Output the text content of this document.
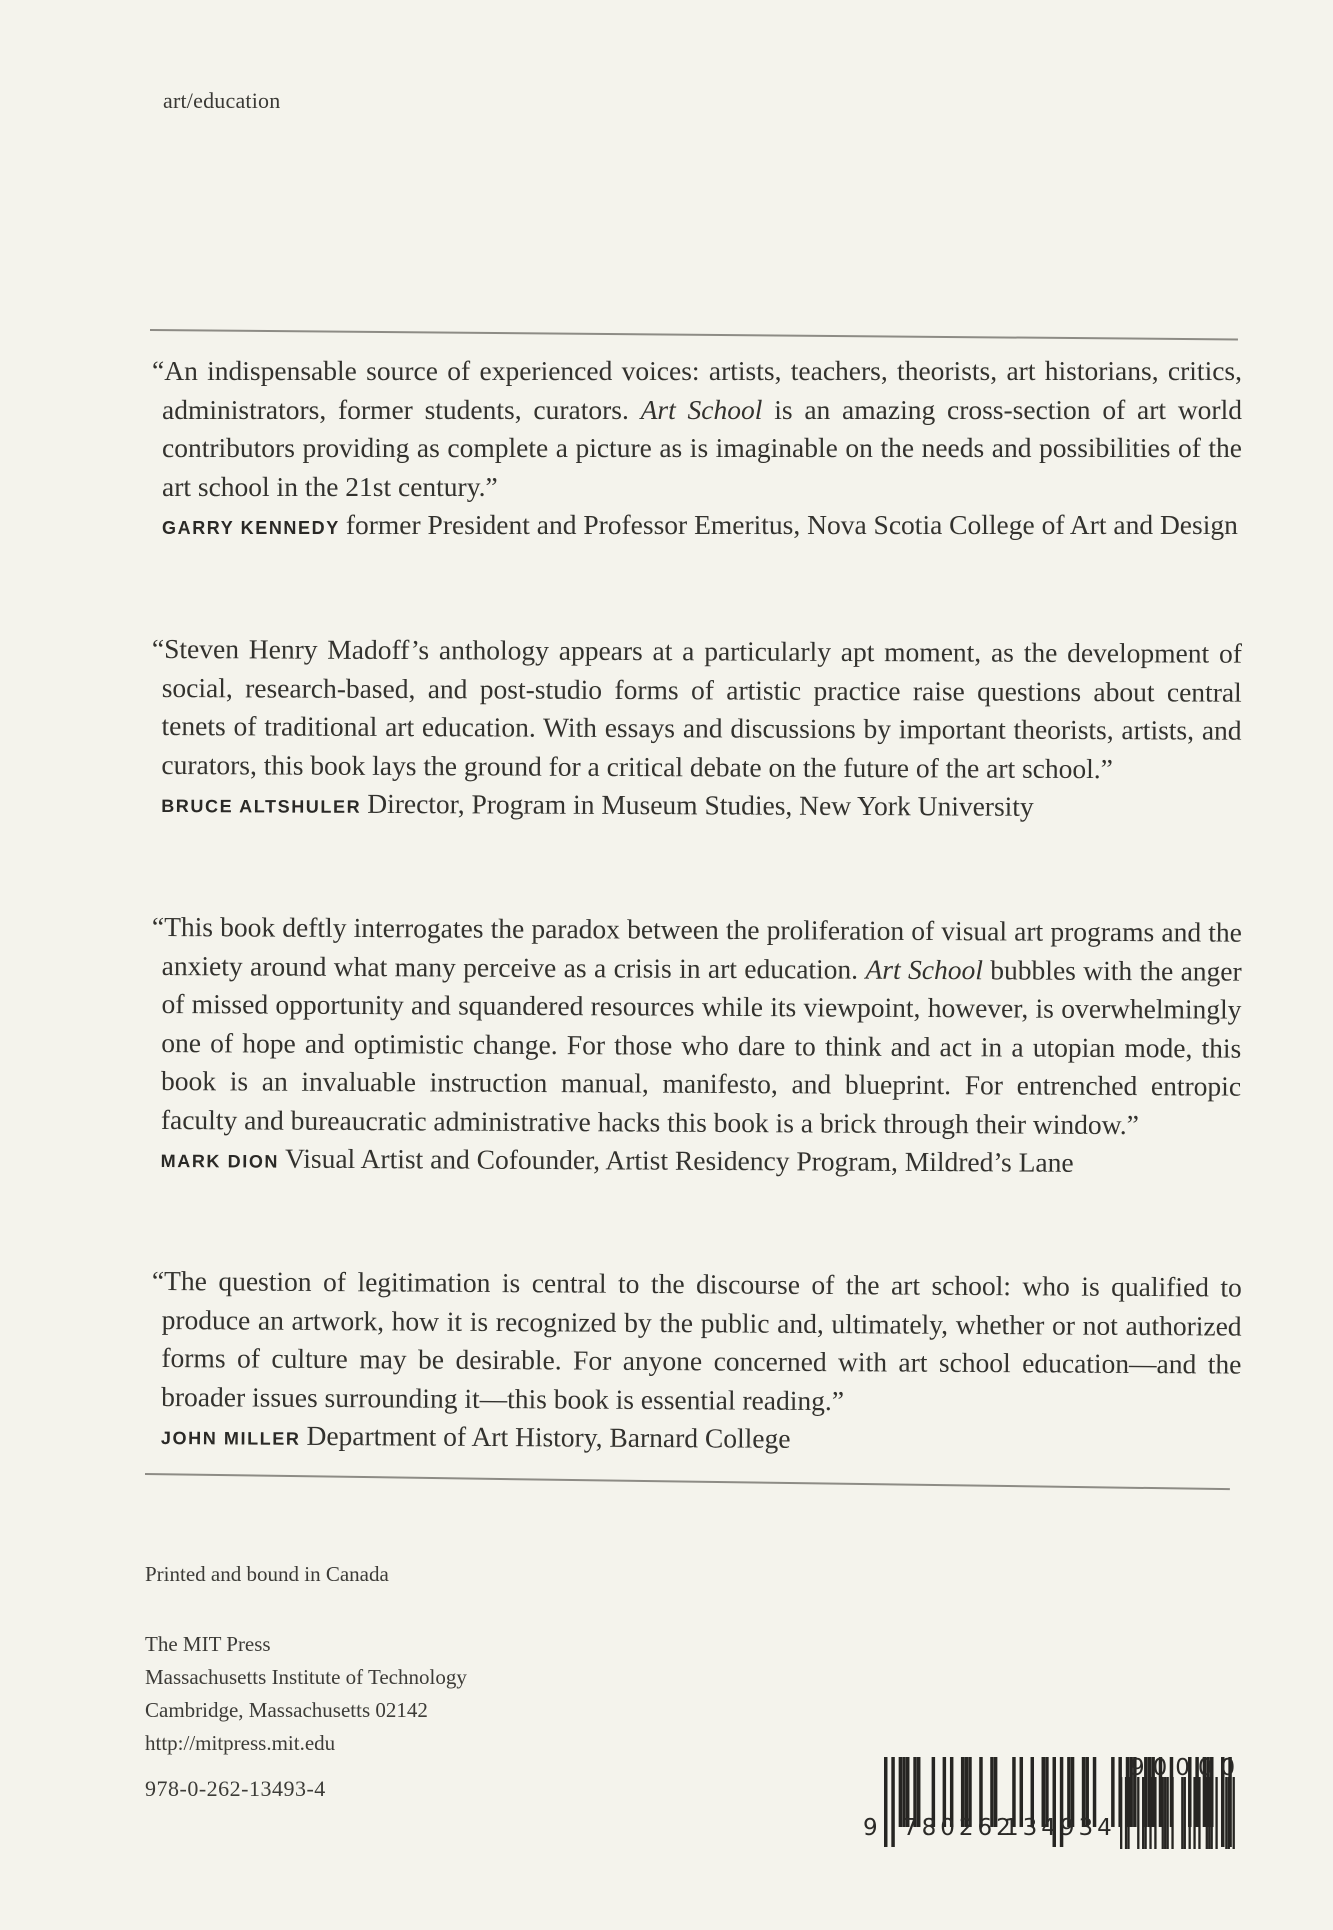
art/education

“An indispensable source of experienced voices: artists, teachers, theorists, art historians, critics, administrators, former students, curators. Art School is an amazing cross-section of art world contributors providing as complete a picture as is imaginable on the needs and possibilities of the art school in the 21st century.”

GARRY KENNEDY former President and Professor Emeritus, Nova Scotia College of Art and Design

“Steven Henry Madoff’s anthology appears at a particularly apt moment, as the development of social, research-based, and post-studio forms of artistic practice raise questions about central tenets of traditional art education. With essays and discussions by important theorists, artists, and curators, this book lays the ground for a critical debate on the future of the art school.”

BRUCE ALTSHULER Director, Program in Museum Studies, New York University

“This book deftly interrogates the paradox between the proliferation of visual art programs and the anxiety around what many perceive as a crisis in art education. Art School bubbles with the anger of missed opportunity and squandered resources while its viewpoint, however, is overwhelmingly one of hope and optimistic change. For those who dare to think and act in a utopian mode, this book is an invaluable instruction manual, manifesto, and blueprint. For entrenched entropic faculty and bureaucratic administrative hacks this book is a brick through their window.”

MARK DION Visual Artist and Cofounder, Artist Residency Program, Mildred’s Lane

“The question of legitimation is central to the discourse of the art school: who is qualified to produce an artwork, how it is recognized by the public and, ultimately, whether or not authorized forms of culture may be desirable. For anyone concerned with art school education—and the broader issues surrounding it—this book is essential reading.”

JOHN MILLER Department of Art History, Barnard College

Printed and bound in Canada
The MIT Press
Massachusetts Institute of Technology
Cambridge, Massachusetts 02142
http://mitpress.mit.edu
978-0-262-13493-4
9 780262
134934
90000
